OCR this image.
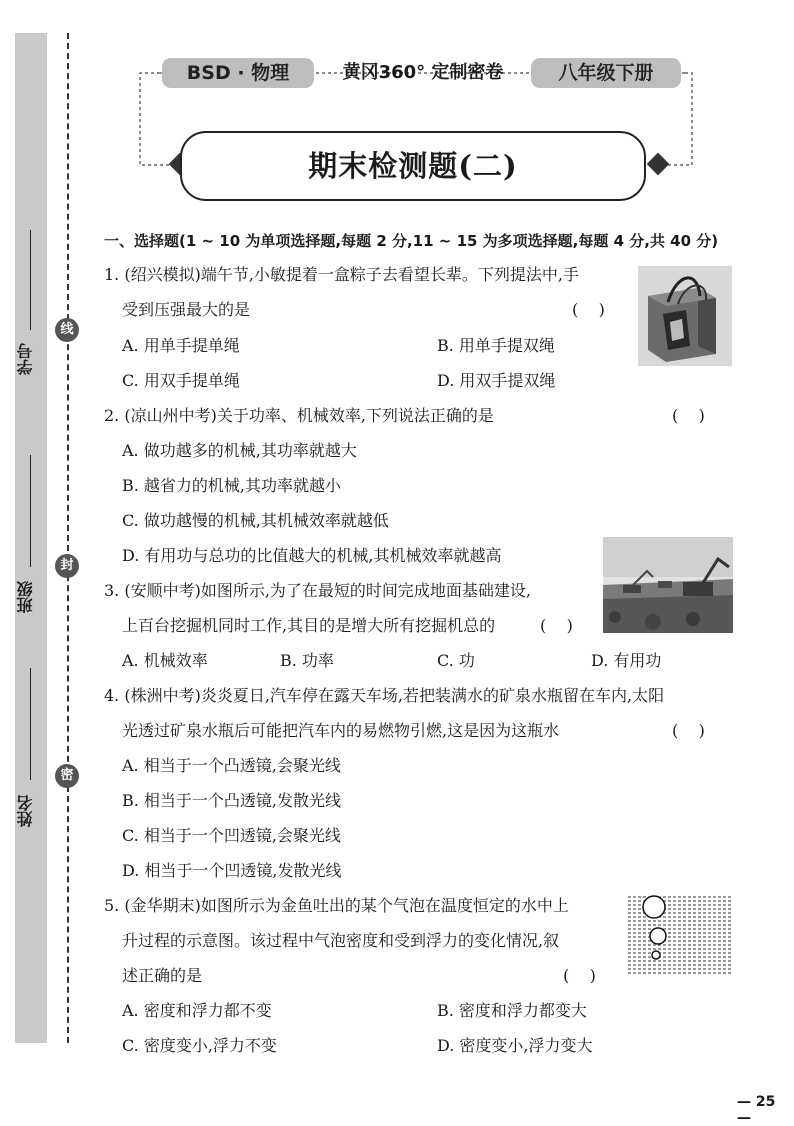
学号
班级
姓名
线
封
密
BSD · 物理	黄冈360° 定制密卷	八年级下册
期末检测题(二)
一、选择题(1 ~ 10 为单项选择题,每题 2 分,11 ~ 15 为多项选择题,每题 4 分,共 40 分)
1. (绍兴模拟)端午节,小敏提着一盒粽子去看望长辈。下列提法中,手
受到压强最大的是	(    )
A. 用单手提单绳	B. 用单手提双绳
C. 用双手提单绳	D. 用双手提双绳
2. (凉山州中考)关于功率、机械效率,下列说法正确的是	(    )
A. 做功越多的机械,其功率就越大
B. 越省力的机械,其功率就越小
C. 做功越慢的机械,其机械效率就越低
D. 有用功与总功的比值越大的机械,其机械效率就越高
3. (安顺中考)如图所示,为了在最短的时间完成地面基础建设,
上百台挖掘机同时工作,其目的是增大所有挖掘机总的	(    )
A. 机械效率	B. 功率	C. 功	D. 有用功
4. (株洲中考)炎炎夏日,汽车停在露天车场,若把装满水的矿泉水瓶留在车内,太阳
光透过矿泉水瓶后可能把汽车内的易燃物引燃,这是因为这瓶水	(    )
A. 相当于一个凸透镜,会聚光线
B. 相当于一个凸透镜,发散光线
C. 相当于一个凹透镜,会聚光线
D. 相当于一个凹透镜,发散光线
5. (金华期末)如图所示为金鱼吐出的某个气泡在温度恒定的水中上
升过程的示意图。该过程中气泡密度和受到浮力的变化情况,叙
述正确的是	(    )
A. 密度和浮力都不变	B. 密度和浮力都变大
C. 密度变小,浮力不变	D. 密度变小,浮力变大
— 25 —
